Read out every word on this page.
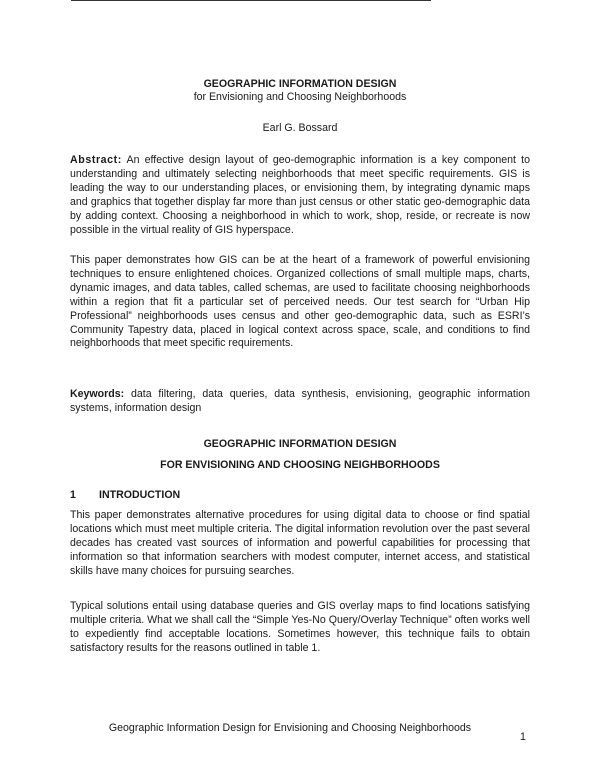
GEOGRAPHIC INFORMATION DESIGN
for Envisioning and Choosing Neighborhoods
Earl G. Bossard

Abstract: An effective design layout of geo-demographic information is a key component to understanding and ultimately selecting neighborhoods that meet specific requirements. GIS is leading the way to our understanding places, or envisioning them, by integrating dynamic maps and graphics that together display far more than just census or other static geo-demographic data by adding context. Choosing a neighborhood in which to work, shop, reside, or recreate is now possible in the virtual reality of GIS hyperspace.

This paper demonstrates how GIS can be at the heart of a framework of powerful envisioning techniques to ensure enlightened choices. Organized collections of small multiple maps, charts, dynamic images, and data tables, called schemas, are used to facilitate choosing neighborhoods within a region that fit a particular set of perceived needs. Our test search for “Urban Hip Professional” neighborhoods uses census and other geo-demographic data, such as ESRI’s Community Tapestry data, placed in logical context across space, scale, and conditions to find neighborhoods that meet specific requirements.

Keywords: data filtering, data queries, data synthesis, envisioning, geographic information systems, information design

GEOGRAPHIC INFORMATION DESIGN
FOR ENVISIONING AND CHOOSING NEIGHBORHOODS
1 INTRODUCTION

This paper demonstrates alternative procedures for using digital data to choose or find spatial locations which must meet multiple criteria. The digital information revolution over the past several decades has created vast sources of information and powerful capabilities for processing that information so that information searchers with modest computer, internet access, and statistical skills have many choices for pursuing searches.

Typical solutions entail using database queries and GIS overlay maps to find locations satisfying multiple criteria. What we shall call the “Simple Yes-No Query/Overlay Technique” often works well to expediently find acceptable locations. Sometimes however, this technique fails to obtain satisfactory results for the reasons outlined in table 1.

Geographic Information Design for Envisioning and Choosing Neighborhoods
1
